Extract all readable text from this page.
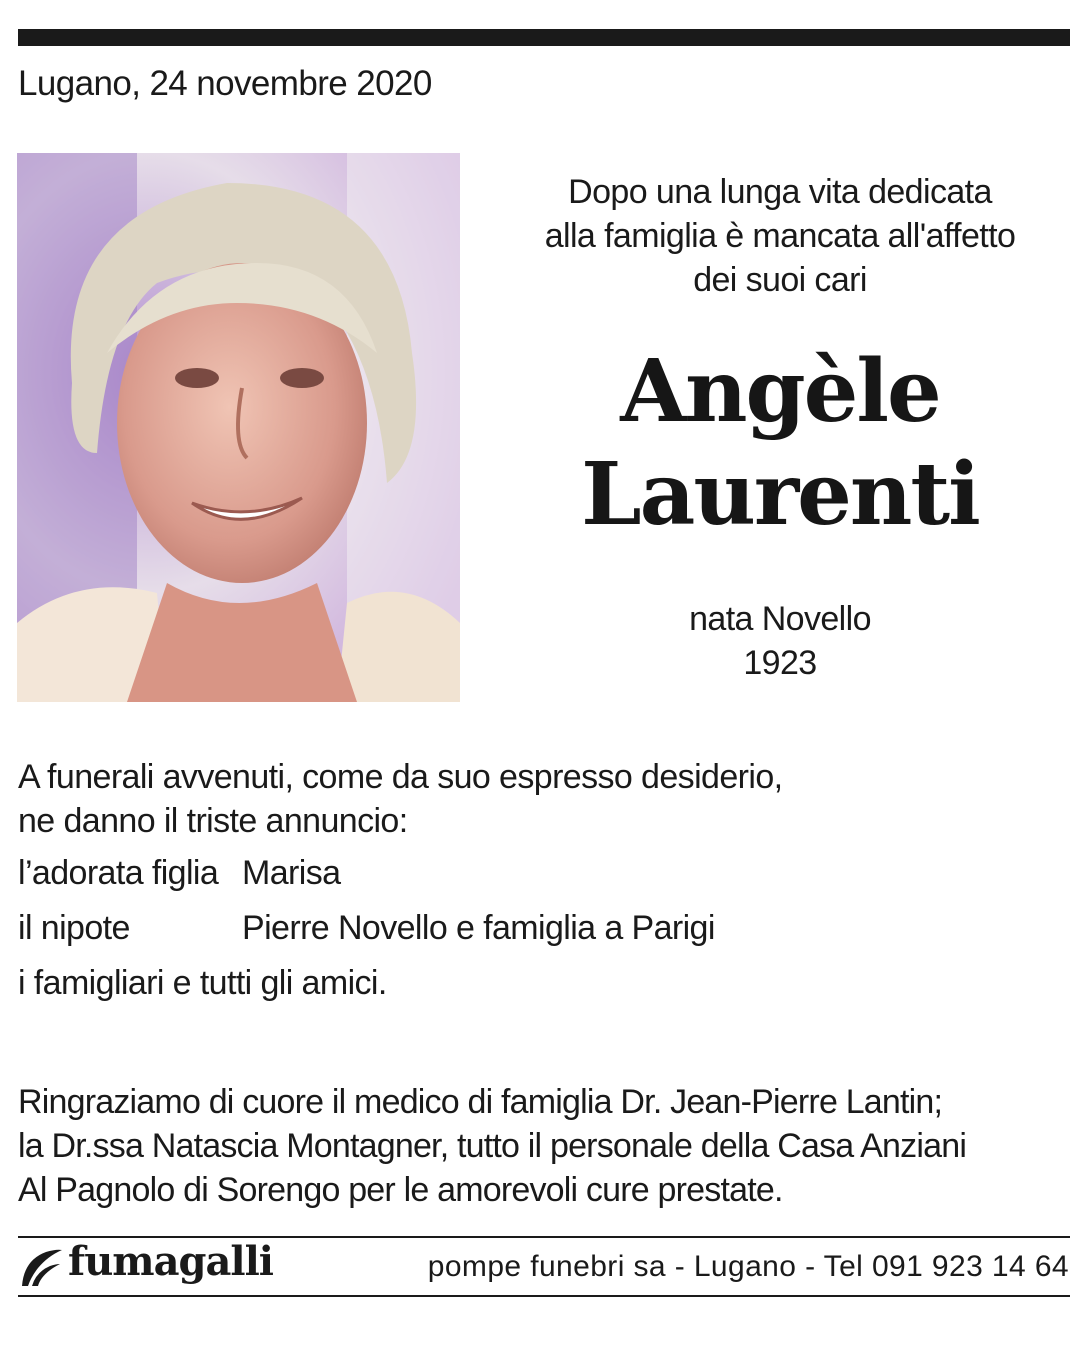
Lugano, 24 novembre 2020
Dopo una lunga vita dedicata
alla famiglia è mancata all'affetto
dei suoi cari
Angèle
Laurenti
nata Novello
1923
A funerali avvenuti, come da suo espresso desiderio,
ne danno il triste annuncio:
l’adorata figlia Marisa
il nipote	Pierre Novello e famiglia a Parigi
i famigliari e tutti gli amici.
Ringraziamo di cuore il medico di famiglia Dr. Jean-Pierre Lantin;
la Dr.ssa Natascia Montagner, tutto il personale della Casa Anziani
Al Pagnolo di Sorengo per le amorevoli cure prestate.
fumagalli	pompe funebri sa - Lugano - Tel 091 923 14 64
